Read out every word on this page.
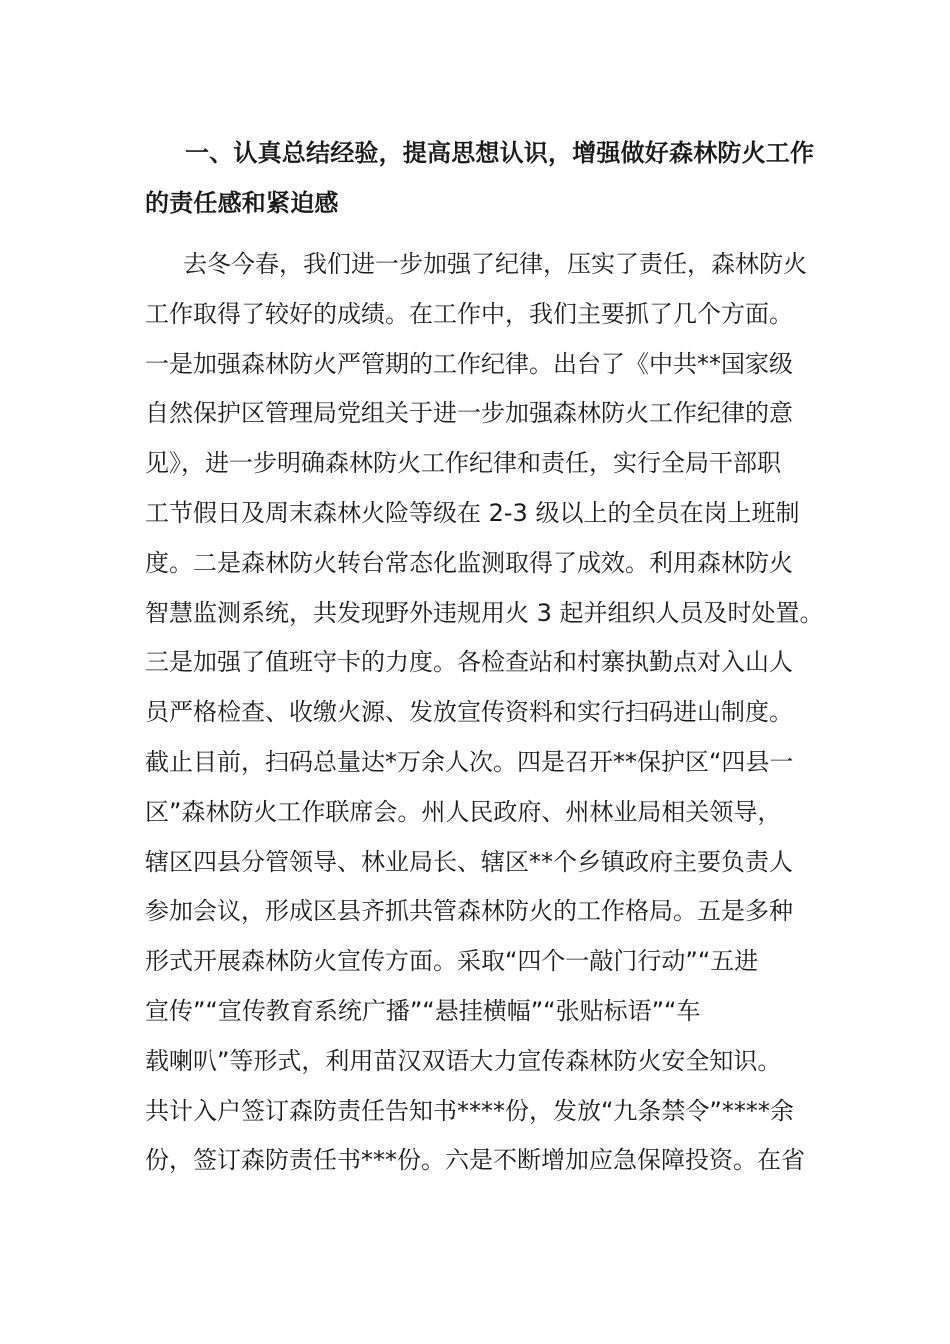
一、认真总结经验，提高思想认识，增强做好森林防火工作
的责任感和紧迫感
去冬今春，我们进一步加强了纪律，压实了责任，森林防火
工作取得了较好的成绩。在工作中，我们主要抓了几个方面。
一是加强森林防火严管期的工作纪律。出台了《中共**国家级
自然保护区管理局党组关于进一步加强森林防火工作纪律的意
见》，进一步明确森林防火工作纪律和责任，实行全局干部职
工节假日及周末森林火险等级在 2-3 级以上的全员在岗上班制
度。二是森林防火转台常态化监测取得了成效。利用森林防火
智慧监测系统，共发现野外违规用火 3 起并组织人员及时处置。
三是加强了值班守卡的力度。各检查站和村寨执勤点对入山人
员严格检查、收缴火源、发放宣传资料和实行扫码进山制度。
截止目前，扫码总量达*万余人次。四是召开**保护区“四县一
区”森林防火工作联席会。州人民政府、州林业局相关领导，
辖区四县分管领导、林业局长、辖区**个乡镇政府主要负责人
参加会议，形成区县齐抓共管森林防火的工作格局。五是多种
形式开展森林防火宣传方面。采取“四个一敲门行动”“五进
宣传”“宣传教育系统广播”“悬挂横幅”“张贴标语”“车
载喇叭”等形式，利用苗汉双语大力宣传森林防火安全知识。
共计入户签订森防责任告知书****份，发放“九条禁令”****余
份，签订森防责任书***份。六是不断增加应急保障投资。在省
